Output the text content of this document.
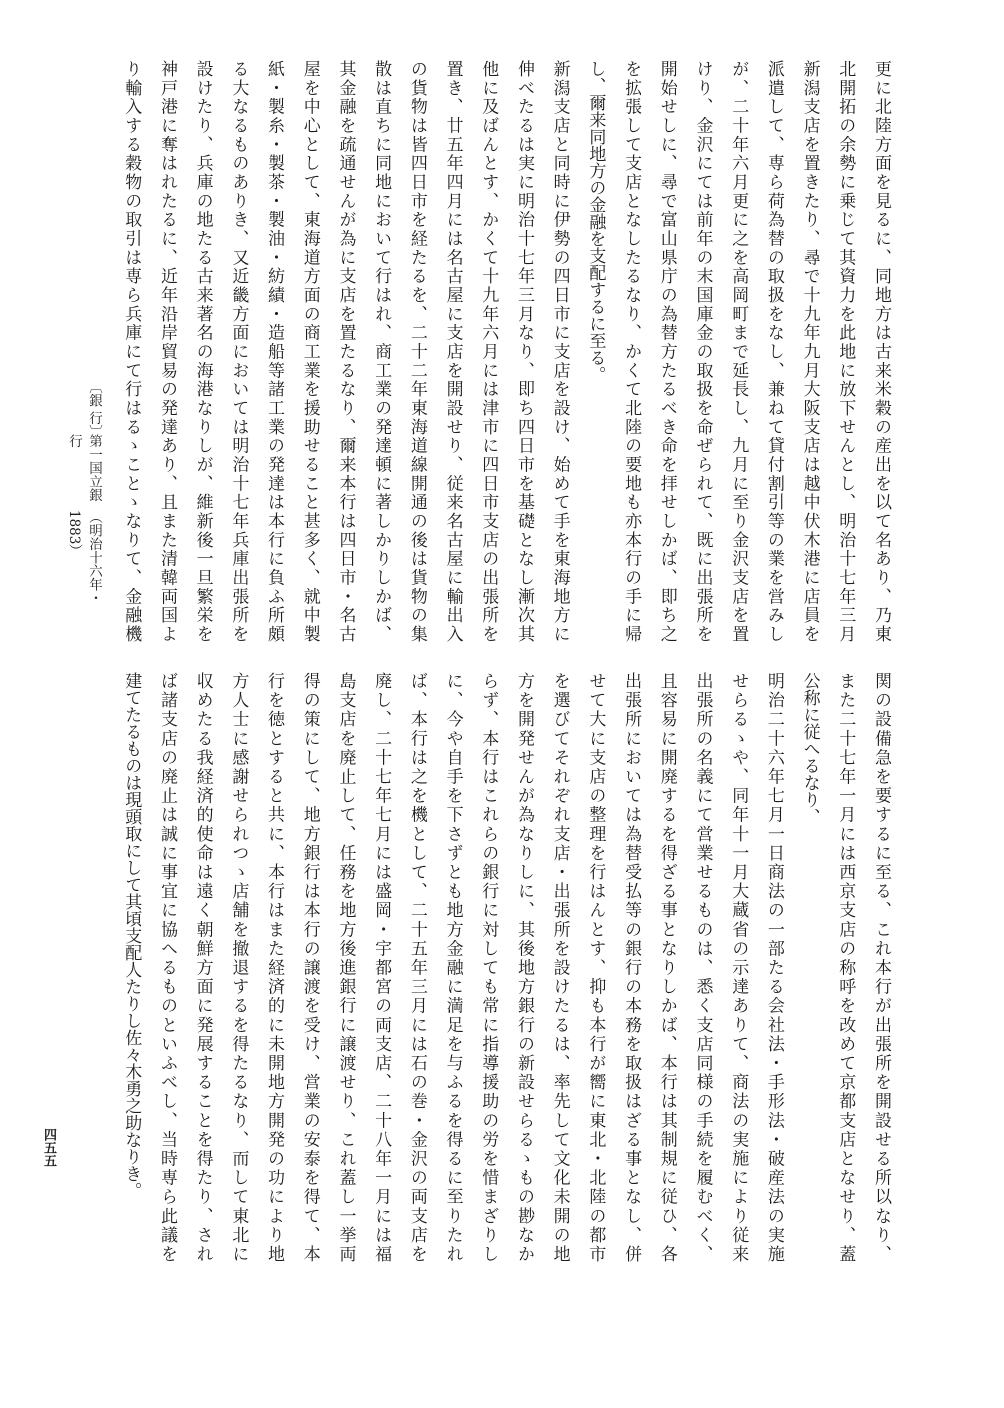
更に北陸方面を見るに、同地方は古来米穀の産出を以て名あり、乃東
北開拓の余勢に乗じて其資力を此地に放下せんとし、明治十七年三月
新潟支店を置きたり、尋で十九年九月大阪支店は越中伏木港に店員を
派遣して、専ら荷為替の取扱をなし、兼ねて貸付割引等の業を営みし
が、二十年六月更に之を高岡町まで延長し、九月に至り金沢支店を置
けり、金沢にては前年の末国庫金の取扱を命ぜられて、既に出張所を
開始せしに、尋で富山県庁の為替方たるべき命を拝せしかば、即ち之
を拡張して支店となしたるなり、かくて北陸の要地も亦本行の手に帰
し、爾来同地方の金融を支配するに至る。
新潟支店と同時に伊勢の四日市に支店を設け、始めて手を東海地方に
伸べたるは実に明治十七年三月なり、即ち四日市を基礎となし漸次其
他に及ばんとす、かくて十九年六月には津市に四日市支店の出張所を
置き、廿五年四月には名古屋に支店を開設せり、従来名古屋に輸出入
の貨物は皆四日市を経たるを、二十二年東海道線開通の後は貨物の集
散は直ちに同地において行はれ、商工業の発達頓に著しかりしかば、
其金融を疏通せんが為に支店を置たるなり、爾来本行は四日市・名古
屋を中心として、東海道方面の商工業を援助せること甚多く、就中製
紙・製糸・製茶・製油・紡績・造船等諸工業の発達は本行に負ふ所頗
る大なるものありき、又近畿方面においては明治十七年兵庫出張所を
設けたり、兵庫の地たる古来著名の海港なりしが、維新後一旦繁栄を
神戸港に奪はれたるに、近年沿岸貿易の発達あり、且また清韓両国よ
り輸入する穀物の取引は専ら兵庫にて行はるゝことゝなりて、金融機
関の設備急を要するに至る、これ本行が出張所を開設せる所以なり、
また二十七年一月には西京支店の称呼を改めて京都支店となせり、蓋
公称に従へるなり、
明治二十六年七月一日商法の一部たる会社法・手形法・破産法の実施
せらるゝや、同年十一月大蔵省の示達ありて、商法の実施により従来
出張所の名義にて営業せるものは、悉く支店同様の手続を履むべく、
且容易に開廃するを得ざる事となりしかば、本行は其制規に従ひ、各
出張所においては為替受払等の銀行の本務を取扱はざる事となし、併
せて大に支店の整理を行はんとす、抑も本行が嚮に東北・北陸の都市
を選びてそれぞれ支店・出張所を設けたるは、率先して文化未開の地
方を開発せんが為なりしに、其後地方銀行の新設せらるゝもの尠なか
らず、本行はこれらの銀行に対しても常に指導援助の労を惜まざりし
に、今や自手を下さずとも地方金融に満足を与ふるを得るに至りたれ
ば、本行は之を機として、二十五年三月には石の巻・金沢の両支店を
廃し、二十七年七月には盛岡・宇都宮の両支店、二十八年一月には福
島支店を廃止して、任務を地方後進銀行に譲渡せり、これ蓋し一挙両
得の策にして、地方銀行は本行の譲渡を受け、営業の安泰を得て、本
行を徳とすると共に、本行はまた経済的に未開地方開発の功により地
方人士に感謝せられつゝ店舗を撤退するを得たるなり、而して東北に
収めたる我経済的使命は遠く朝鮮方面に発展することを得たり、され
ば諸支店の廃止は誠に事宜に協へるものといふべし、当時専ら此議を
建てたるものは現頭取にして其頃支配人たりし佐々木勇之助なりき。
〔銀 行〕
第一国立銀行
（明治十六年・1883）
四五五
